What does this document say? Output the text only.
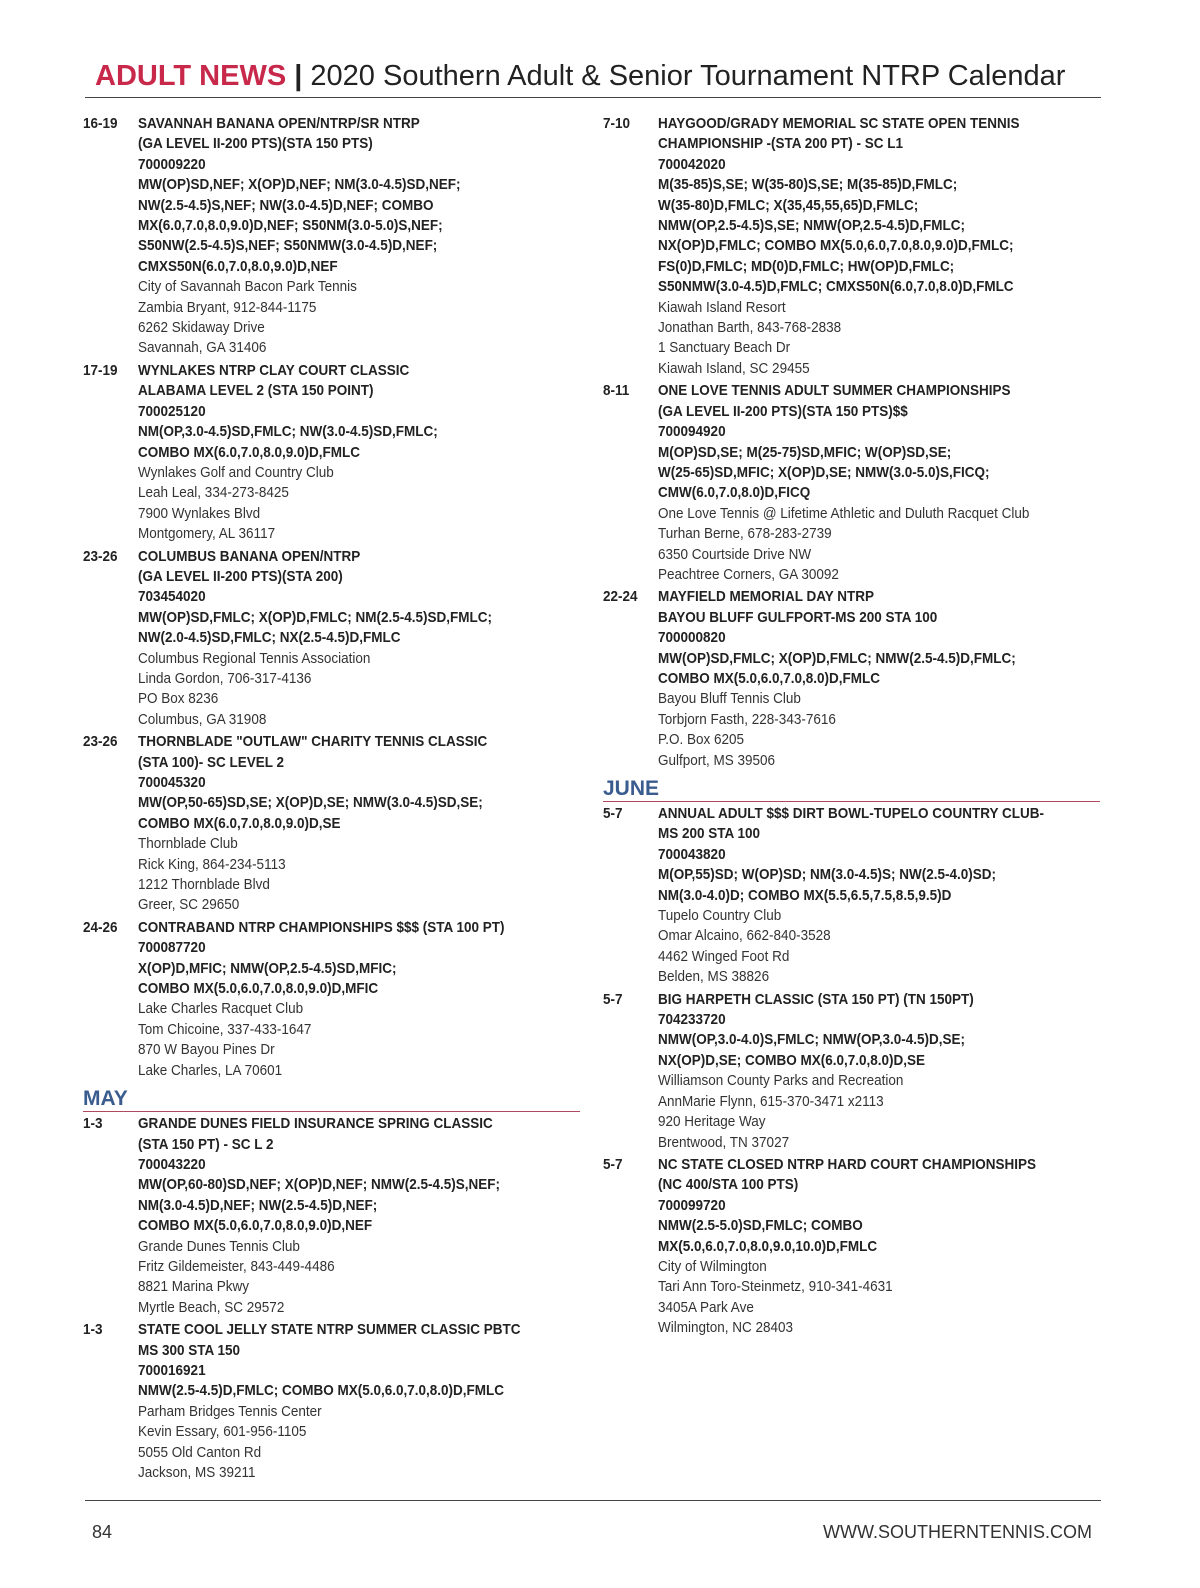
ADULT NEWS | 2020 Southern Adult & Senior Tournament NTRP Calendar
16-19	SAVANNAH BANANA OPEN/NTRP/SR NTRP
(GA LEVEL II-200 PTS)(STA 150 PTS)
700009220
MW(OP)SD,NEF; X(OP)D,NEF; NM(3.0-4.5)SD,NEF;
NW(2.5-4.5)S,NEF; NW(3.0-4.5)D,NEF; COMBO
MX(6.0,7.0,8.0,9.0)D,NEF; S50NM(3.0-5.0)S,NEF;
S50NW(2.5-4.5)S,NEF; S50NMW(3.0-4.5)D,NEF;
CMXS50N(6.0,7.0,8.0,9.0)D,NEF
City of Savannah Bacon Park Tennis
Zambia Bryant, 912-844-1175
6262 Skidaway Drive
Savannah, GA 31406
17-19	WYNLAKES NTRP CLAY COURT CLASSIC
ALABAMA LEVEL 2 (STA 150 POINT)
700025120
NM(OP,3.0-4.5)SD,FMLC; NW(3.0-4.5)SD,FMLC;
COMBO MX(6.0,7.0,8.0,9.0)D,FMLC
Wynlakes Golf and Country Club
Leah Leal, 334-273-8425
7900 Wynlakes Blvd
Montgomery, AL 36117
23-26	COLUMBUS BANANA OPEN/NTRP
(GA LEVEL II-200 PTS)(STA 200)
703454020
MW(OP)SD,FMLC; X(OP)D,FMLC; NM(2.5-4.5)SD,FMLC;
NW(2.0-4.5)SD,FMLC; NX(2.5-4.5)D,FMLC
Columbus Regional Tennis Association
Linda Gordon, 706-317-4136
PO Box 8236
Columbus, GA 31908
23-26	THORNBLADE "OUTLAW" CHARITY TENNIS CLASSIC
(STA 100)- SC LEVEL 2
700045320
MW(OP,50-65)SD,SE; X(OP)D,SE; NMW(3.0-4.5)SD,SE;
COMBO MX(6.0,7.0,8.0,9.0)D,SE
Thornblade Club
Rick King, 864-234-5113
1212 Thornblade Blvd
Greer, SC 29650
24-26	CONTRABAND NTRP CHAMPIONSHIPS $$$ (STA 100 PT)
700087720
X(OP)D,MFIC; NMW(OP,2.5-4.5)SD,MFIC;
COMBO MX(5.0,6.0,7.0,8.0,9.0)D,MFIC
Lake Charles Racquet Club
Tom Chicoine, 337-433-1647
870 W Bayou Pines Dr
Lake Charles, LA 70601
MAY
1-3	GRANDE DUNES FIELD INSURANCE SPRING CLASSIC
(STA 150 PT) - SC L 2
700043220
MW(OP,60-80)SD,NEF; X(OP)D,NEF; NMW(2.5-4.5)S,NEF;
NM(3.0-4.5)D,NEF; NW(2.5-4.5)D,NEF;
COMBO MX(5.0,6.0,7.0,8.0,9.0)D,NEF
Grande Dunes Tennis Club
Fritz Gildemeister, 843-449-4486
8821 Marina Pkwy
Myrtle Beach, SC 29572
1-3	STATE COOL JELLY STATE NTRP SUMMER CLASSIC PBTC
MS 300 STA 150
700016921
NMW(2.5-4.5)D,FMLC; COMBO MX(5.0,6.0,7.0,8.0)D,FMLC
Parham Bridges Tennis Center
Kevin Essary, 601-956-1105
5055 Old Canton Rd
Jackson, MS 39211
7-10	HAYGOOD/GRADY MEMORIAL SC STATE OPEN TENNIS
CHAMPIONSHIP -(STA 200 PT) - SC L1
700042020
M(35-85)S,SE; W(35-80)S,SE; M(35-85)D,FMLC;
W(35-80)D,FMLC; X(35,45,55,65)D,FMLC;
NMW(OP,2.5-4.5)S,SE; NMW(OP,2.5-4.5)D,FMLC;
NX(OP)D,FMLC; COMBO MX(5.0,6.0,7.0,8.0,9.0)D,FMLC;
FS(0)D,FMLC; MD(0)D,FMLC; HW(OP)D,FMLC;
S50NMW(3.0-4.5)D,FMLC; CMXS50N(6.0,7.0,8.0)D,FMLC
Kiawah Island Resort
Jonathan Barth, 843-768-2838
1 Sanctuary Beach Dr
Kiawah Island, SC 29455
8-11	ONE LOVE TENNIS ADULT SUMMER CHAMPIONSHIPS
(GA LEVEL II-200 PTS)(STA 150 PTS)$$
700094920
M(OP)SD,SE; M(25-75)SD,MFIC; W(OP)SD,SE;
W(25-65)SD,MFIC; X(OP)D,SE; NMW(3.0-5.0)S,FICQ;
CMW(6.0,7.0,8.0)D,FICQ
One Love Tennis @ Lifetime Athletic and Duluth Racquet Club
Turhan Berne, 678-283-2739
6350 Courtside Drive NW
Peachtree Corners, GA 30092
22-24	MAYFIELD MEMORIAL DAY NTRP
BAYOU BLUFF GULFPORT-MS 200 STA 100
700000820
MW(OP)SD,FMLC; X(OP)D,FMLC; NMW(2.5-4.5)D,FMLC;
COMBO MX(5.0,6.0,7.0,8.0)D,FMLC
Bayou Bluff Tennis Club
Torbjorn Fasth, 228-343-7616
P.O. Box 6205
Gulfport, MS 39506
JUNE
5-7	ANNUAL ADULT $$$ DIRT BOWL-TUPELO COUNTRY CLUB-
MS 200 STA 100
700043820
M(OP,55)SD; W(OP)SD; NM(3.0-4.5)S; NW(2.5-4.0)SD;
NM(3.0-4.0)D; COMBO MX(5.5,6.5,7.5,8.5,9.5)D
Tupelo Country Club
Omar Alcaino, 662-840-3528
4462 Winged Foot Rd
Belden, MS 38826
5-7	BIG HARPETH CLASSIC (STA 150 PT) (TN 150PT)
704233720
NMW(OP,3.0-4.0)S,FMLC; NMW(OP,3.0-4.5)D,SE;
NX(OP)D,SE; COMBO MX(6.0,7.0,8.0)D,SE
Williamson County Parks and Recreation
AnnMarie Flynn, 615-370-3471 x2113
920 Heritage Way
Brentwood, TN 37027
5-7	NC STATE CLOSED NTRP HARD COURT CHAMPIONSHIPS
(NC 400/STA 100 PTS)
700099720
NMW(2.5-5.0)SD,FMLC; COMBO
MX(5.0,6.0,7.0,8.0,9.0,10.0)D,FMLC
City of Wilmington
Tari Ann Toro-Steinmetz, 910-341-4631
3405A Park Ave
Wilmington, NC 28403
84	WWW.SOUTHERNTENNIS.COM
